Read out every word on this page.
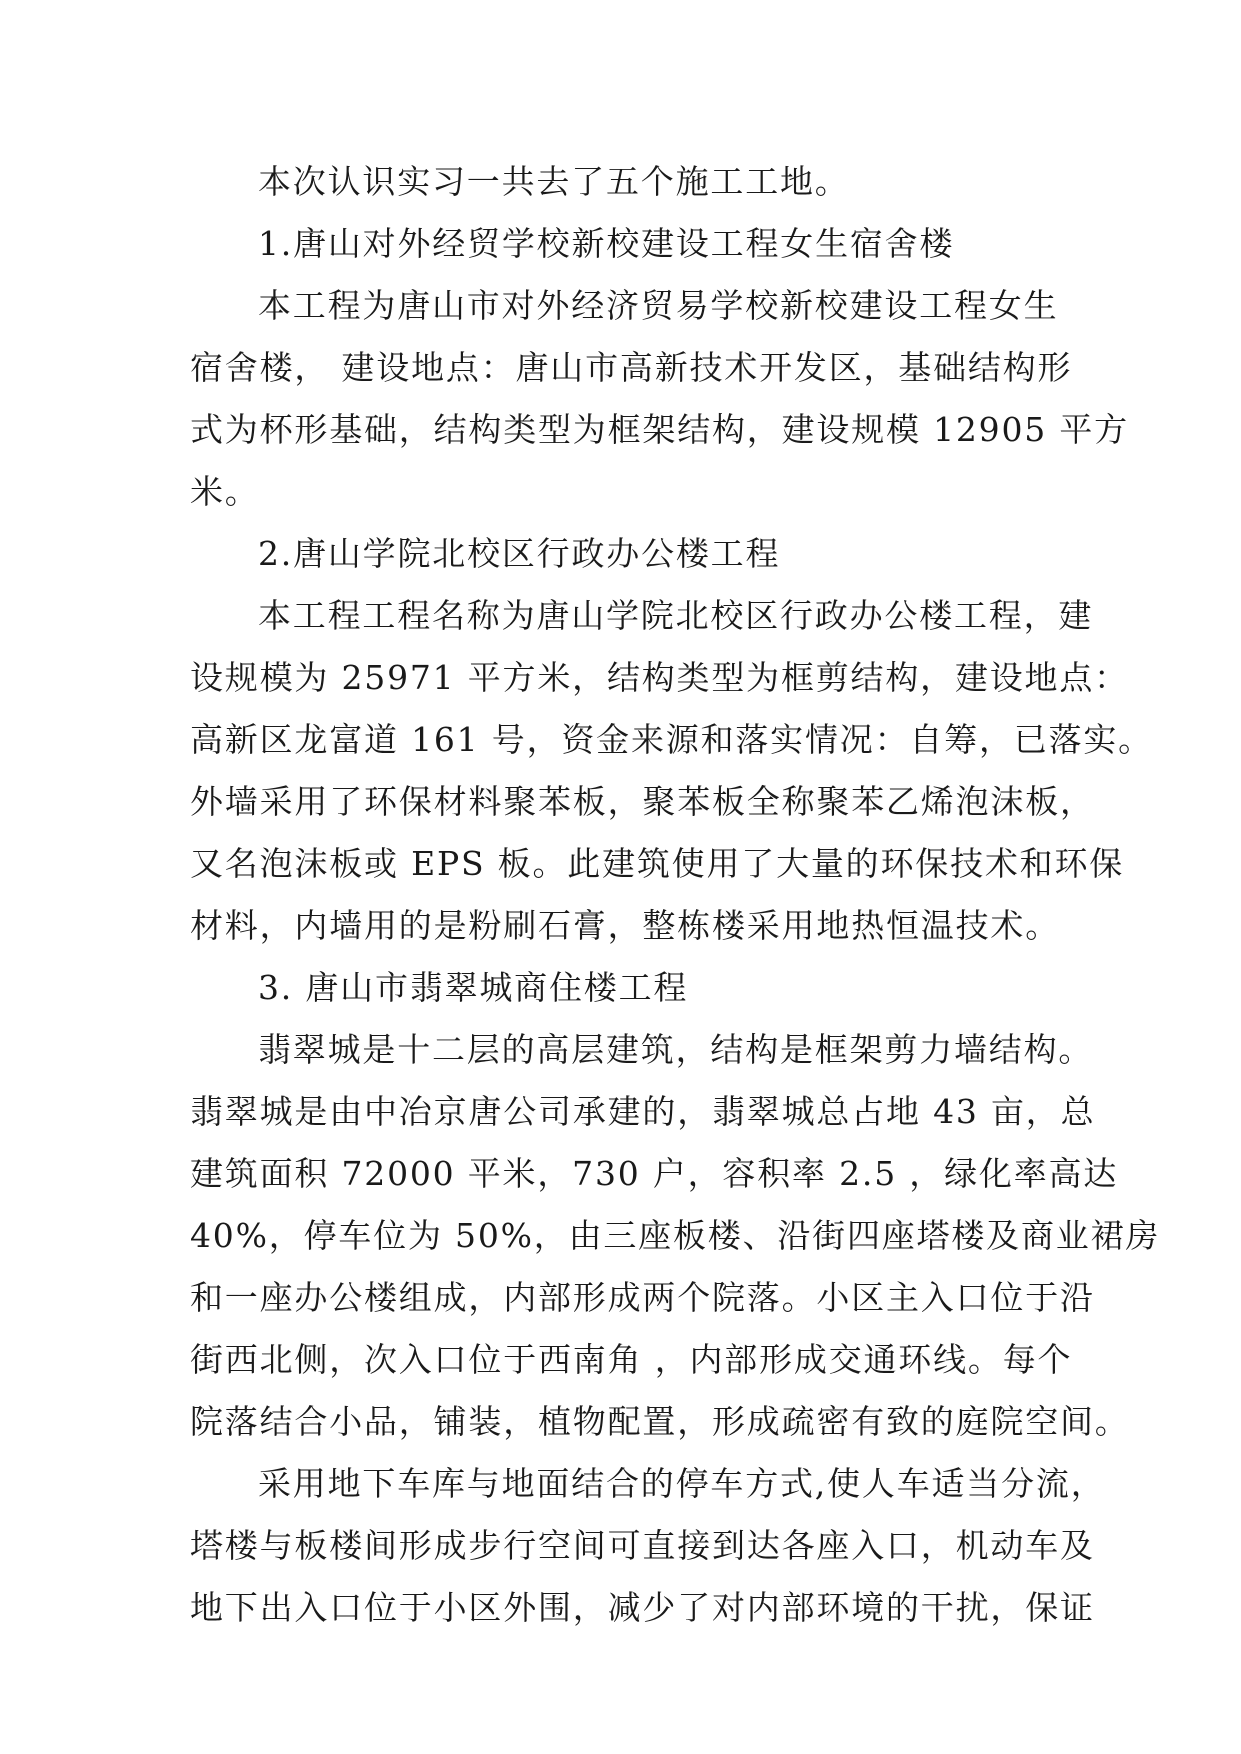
本次认识实习一共去了五个施工工地。
1.唐山对外经贸学校新校建设工程女生宿舍楼
本工程为唐山市对外经济贸易学校新校建设工程女生
宿舍楼， 建设地点：唐山市高新技术开发区，基础结构形
式为杯形基础，结构类型为框架结构，建设规模 12905 平方
米。
2.唐山学院北校区行政办公楼工程
本工程工程名称为唐山学院北校区行政办公楼工程，建
设规模为 25971 平方米，结构类型为框剪结构，建设地点：
高新区龙富道 161 号，资金来源和落实情况：自筹，已落实。
外墙采用了环保材料聚苯板，聚苯板全称聚苯乙烯泡沫板，
又名泡沫板或 EPS 板。此建筑使用了大量的环保技术和环保
材料，内墙用的是粉刷石膏，整栋楼采用地热恒温技术。
3. 唐山市翡翠城商住楼工程
翡翠城是十二层的高层建筑，结构是框架剪力墙结构。
翡翠城是由中冶京唐公司承建的，翡翠城总占地 43 亩，总
建筑面积 72000 平米，730 户，容积率 2.5 ，绿化率高达
40%，停车位为 50%，由三座板楼、沿街四座塔楼及商业裙房
和一座办公楼组成，内部形成两个院落。小区主入口位于沿
街西北侧，次入口位于西南角 ，内部形成交通环线。每个
院落结合小品，铺装，植物配置，形成疏密有致的庭院空间。
采用地下车库与地面结合的停车方式,使人车适当分流，
塔楼与板楼间形成步行空间可直接到达各座入口，机动车及
地下出入口位于小区外围，减少了对内部环境的干扰，保证
